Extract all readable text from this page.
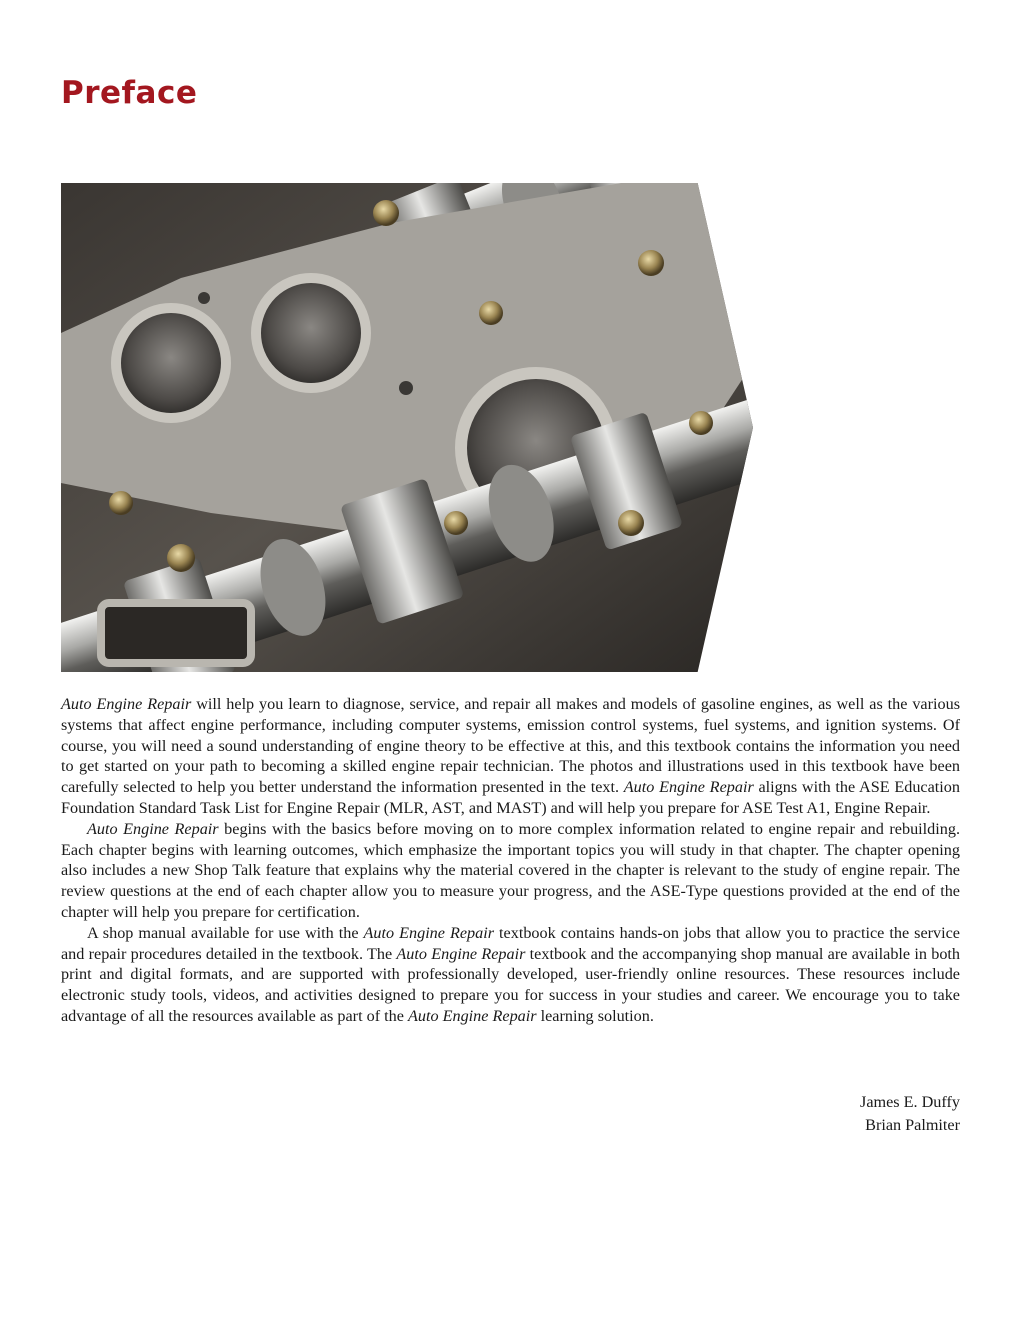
Preface

Auto Engine Repair will help you learn to diagnose, service, and repair all makes and models of gasoline engines, as well as the various systems that affect engine performance, including computer systems, emission control systems, fuel systems, and ignition systems. Of course, you will need a sound understanding of engine theory to be effective at this, and this textbook contains the information you need to get started on your path to becoming a skilled engine repair technician. The photos and illustrations used in this textbook have been carefully selected to help you better understand the information presented in the text. Auto Engine Repair aligns with the ASE Education Foundation Standard Task List for Engine Repair (MLR, AST, and MAST) and will help you prepare for ASE Test A1, Engine Repair.

Auto Engine Repair begins with the basics before moving on to more complex information related to engine repair and rebuilding. Each chapter begins with learning outcomes, which emphasize the important topics you will study in that chapter. The chapter opening also includes a new Shop Talk feature that explains why the material covered in the chapter is relevant to the study of engine repair. The review questions at the end of each chapter allow you to measure your progress, and the ASE-Type questions provided at the end of the chapter will help you prepare for certification.

A shop manual available for use with the Auto Engine Repair textbook contains hands-on jobs that allow you to practice the service and repair procedures detailed in the textbook. The Auto Engine Repair textbook and the accompanying shop manual are available in both print and digital formats, and are supported with professionally developed, user-friendly online resources. These resources include electronic study tools, videos, and activities designed to prepare you for success in your studies and career. We encourage you to take advantage of all the resources available as part of the Auto Engine Repair learning solution.

James E. Duffy
Brian Palmiter
